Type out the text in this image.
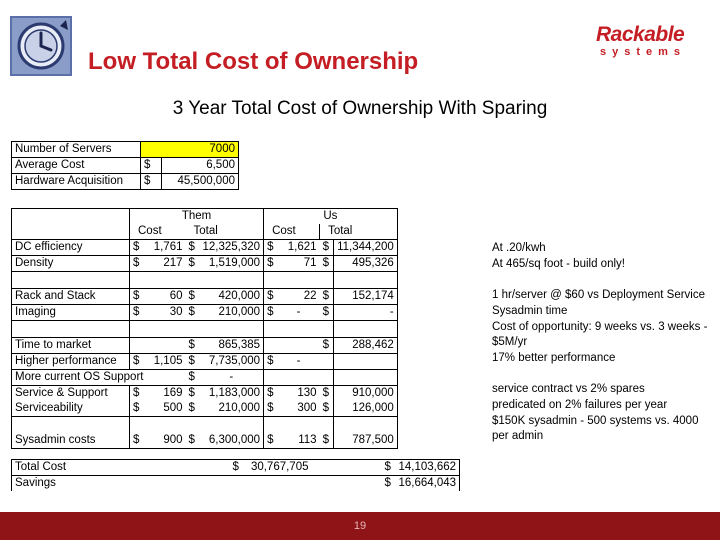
Low Total Cost of Ownership
Rackable
systems
3 Year Total Cost of Ownership With Sparing
Number of Servers	7000	
Average Cost	$	6,500
Hardware Acquisition	$	45,500,000
	Them				Us			
	Cost		Total		Cost		Total	
DC efficiency	$	1,761	$	12,325,320	$	1,621	$	11,344,200
Density	$	217	$	1,519,000	$	71	$	495,326

Rack and Stack	$	60	$	420,000	$	22	$	152,174
Imaging	$	30	$	210,000	$	-	$	-

Time to market			$	865,385			$	288,462
Higher performance	$	1,105	$	7,735,000	$	-		
More current OS Support			$	-				
Service & Support	$	169	$	1,183,000	$	130	$	910,000
Serviceability	$	500	$	210,000	$	300	$	126,000

Sysadmin costs	$	900	$	6,300,000	$	113	$	787,500
At .20/kwh
At 465/sq foot - build only!

1 hr/server @ $60 vs Deployment Service
Sysadmin time
Cost of opportunity: 9 weeks vs. 3 weeks -
$5M/yr
17% better performance

service contract vs 2% spares
predicated on 2% failures per year
$150K sysadmin - 500 systems vs. 4000
per admin
Total Cost	$	30,767,705		$	14,103,662
Savings				$	16,664,043
19
